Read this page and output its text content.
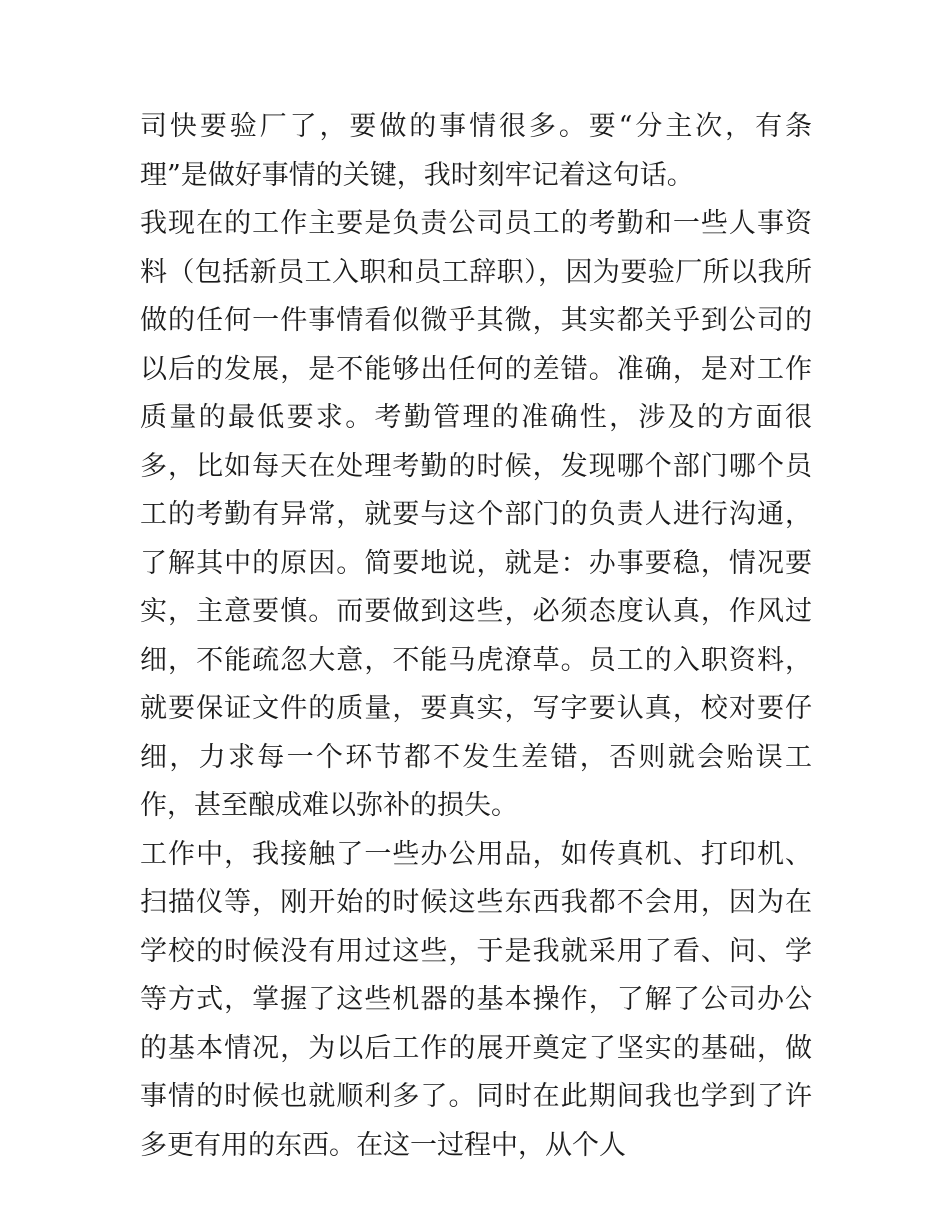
司快要验厂了，要做的事情很多。要“分主次，有条理”是做好事情的关键，我时刻牢记着这句话。

我现在的工作主要是负责公司员工的考勤和一些人事资料（包括新员工入职和员工辞职），因为要验厂所以我所做的任何一件事情看似微乎其微，其实都关乎到公司的以后的发展，是不能够出任何的差错。准确，是对工作质量的最低要求。考勤管理的准确性，涉及的方面很多，比如每天在处理考勤的时候，发现哪个部门哪个员工的考勤有异常，就要与这个部门的负责人进行沟通，了解其中的原因。简要地说，就是：办事要稳，情况要实，主意要慎。而要做到这些，必须态度认真，作风过细，不能疏忽大意，不能马虎潦草。员工的入职资料，就要保证文件的质量，要真实，写字要认真，校对要仔细，力求每一个环节都不发生差错，否则就会贻误工作，甚至酿成难以弥补的损失。

工作中，我接触了一些办公用品，如传真机、打印机、扫描仪等，刚开始的时候这些东西我都不会用，因为在学校的时候没有用过这些，于是我就采用了看、问、学等方式，掌握了这些机器的基本操作，了解了公司办公的基本情况，为以后工作的展开奠定了坚实的基础，做事情的时候也就顺利多了。同时在此期间我也学到了许多更有用的东西。在这一过程中，从个人
